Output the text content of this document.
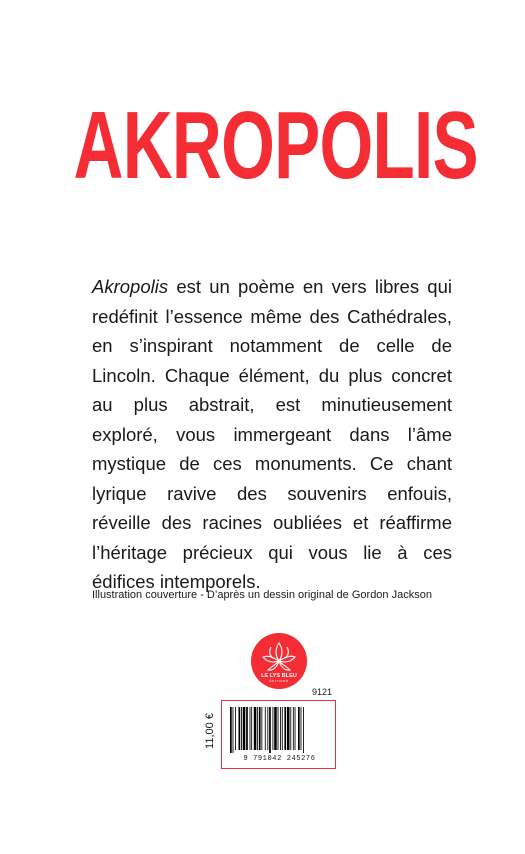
AKROPOLIS

Akropolis est un poème en vers libres qui redéfinit l’essence même des Cathédrales, en s’inspirant notamment de celle de Lincoln. Chaque élément, du plus concret au plus abstrait, est minutieusement exploré, vous immergeant dans l’âme mystique de ces monuments. Ce chant lyrique ravive des souvenirs enfouis, réveille des racines oubliées et réaffirme l’héritage précieux qui vous lie à ces édifices intemporels.

Illustration couverture - D’après un dessin original de Gordon Jackson
LE LYS BLEU
ÉDITIONS
11,00 €
9121
9 791042 245276
